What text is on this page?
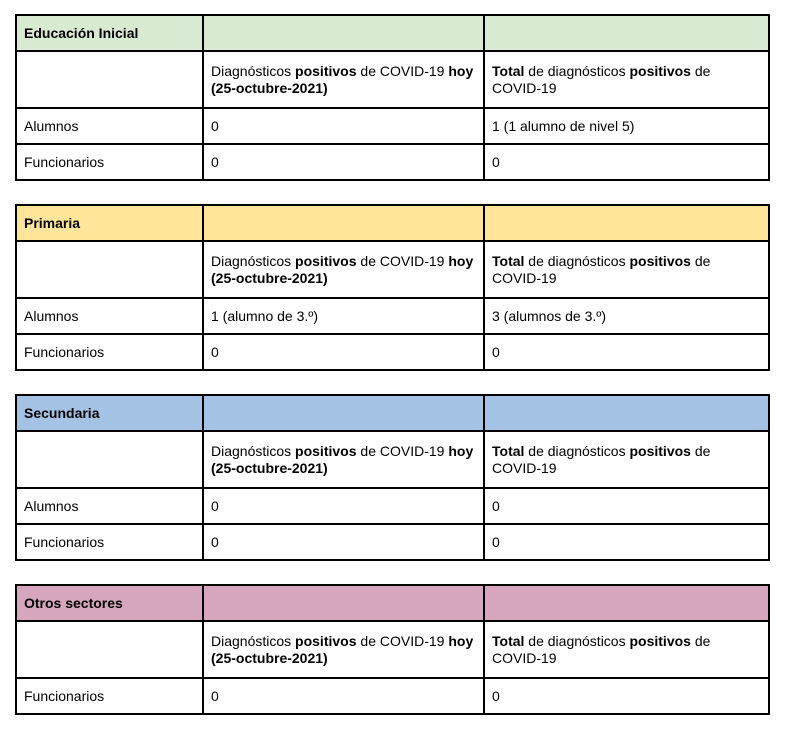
Educación Inicial		
	Diagnósticos positivos de COVID-19 hoy (25-octubre-2021)	Total de diagnósticos positivos de COVID-19
Alumnos	0	1 (1 alumno de nivel 5)
Funcionarios	0	0
Primaria		
	Diagnósticos positivos de COVID-19 hoy (25-octubre-2021)	Total de diagnósticos positivos de COVID-19
Alumnos	1 (alumno de 3.º)	3 (alumnos de 3.º)
Funcionarios	0	0
Secundaria		
	Diagnósticos positivos de COVID-19 hoy (25-octubre-2021)	Total de diagnósticos positivos de COVID-19
Alumnos	0	0
Funcionarios	0	0
Otros sectores		
	Diagnósticos positivos de COVID-19 hoy (25-octubre-2021)	Total de diagnósticos positivos de COVID-19
Funcionarios	0	0
